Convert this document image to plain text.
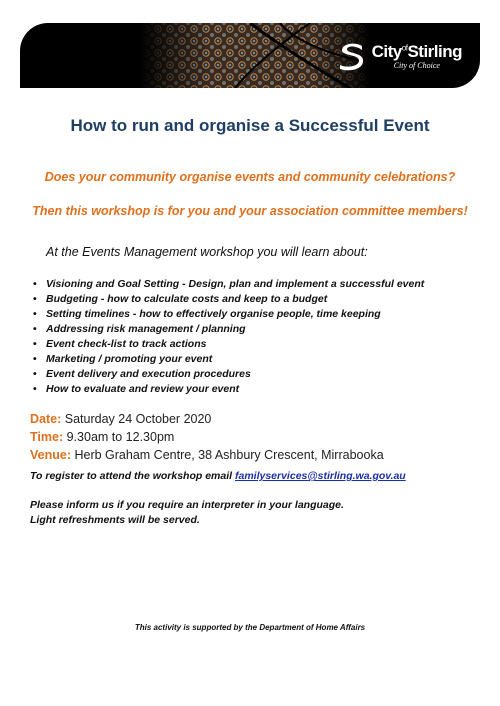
City$^{of}$Stirling
City of Choice
How to run and organise a Successful Event
Does your community organise events and community celebrations?
Then this workshop is for you and your association committee members!
At the Events Management workshop you will learn about:
• Visioning and Goal Setting - Design, plan and implement a successful event
• Budgeting - how to calculate costs and keep to a budget
• Setting timelines - how to effectively organise people, time keeping
• Addressing risk management / planning
• Event check-list to track actions
• Marketing / promoting your event
• Event delivery and execution procedures
• How to evaluate and review your event
Date: Saturday 24 October 2020
Time: 9.30am to 12.30pm
Venue: Herb Graham Centre, 38 Ashbury Crescent, Mirrabooka
To register to attend the workshop email familyservices@stirling.wa.gov.au
Please inform us if you require an interpreter in your language.
Light refreshments will be served.
This activity is supported by the Department of Home Affairs
